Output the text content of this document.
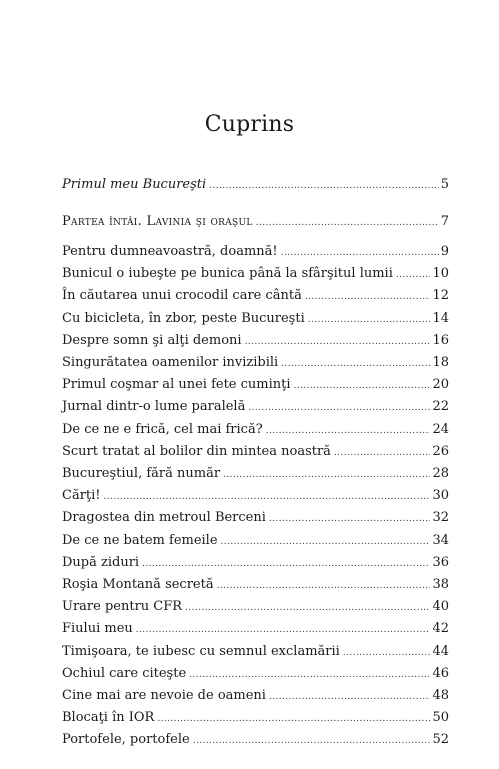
Cuprins
Primul meu Bucureşti .....	5
Partea întâi. Lavinia şi oraşul .....	7
Pentru dumneavoastră, doamnă! .....	9
Bunicul o iubeşte pe bunica până la sfârşitul lumii .....	10
În căutarea unui crocodil care cântă .....	12
Cu bicicleta, în zbor, peste Bucureşti .....	14
Despre somn şi alţi demoni .....	16
Singurătatea oamenilor invizibili .....	18
Primul coşmar al unei fete cuminţi .....	20
Jurnal dintr-o lume paralelă .....	22
De ce ne e frică, cel mai frică? .....	24
Scurt tratat al bolilor din mintea noastră .....	26
Bucureştiul, fără număr .....	28
Cărţi! .....	30
Dragostea din metroul Berceni .....	32
De ce ne batem femeile .....	34
După ziduri .....	36
Roşia Montană secretă .....	38
Urare pentru CFR .....	40
Fiului meu .....	42
Timişoara, te iubesc cu semnul exclamării .....	44
Ochiul care citeşte .....	46
Cine mai are nevoie de oameni .....	48
Blocaţi în IOR .....	50
Portofele, portofele .....	52
